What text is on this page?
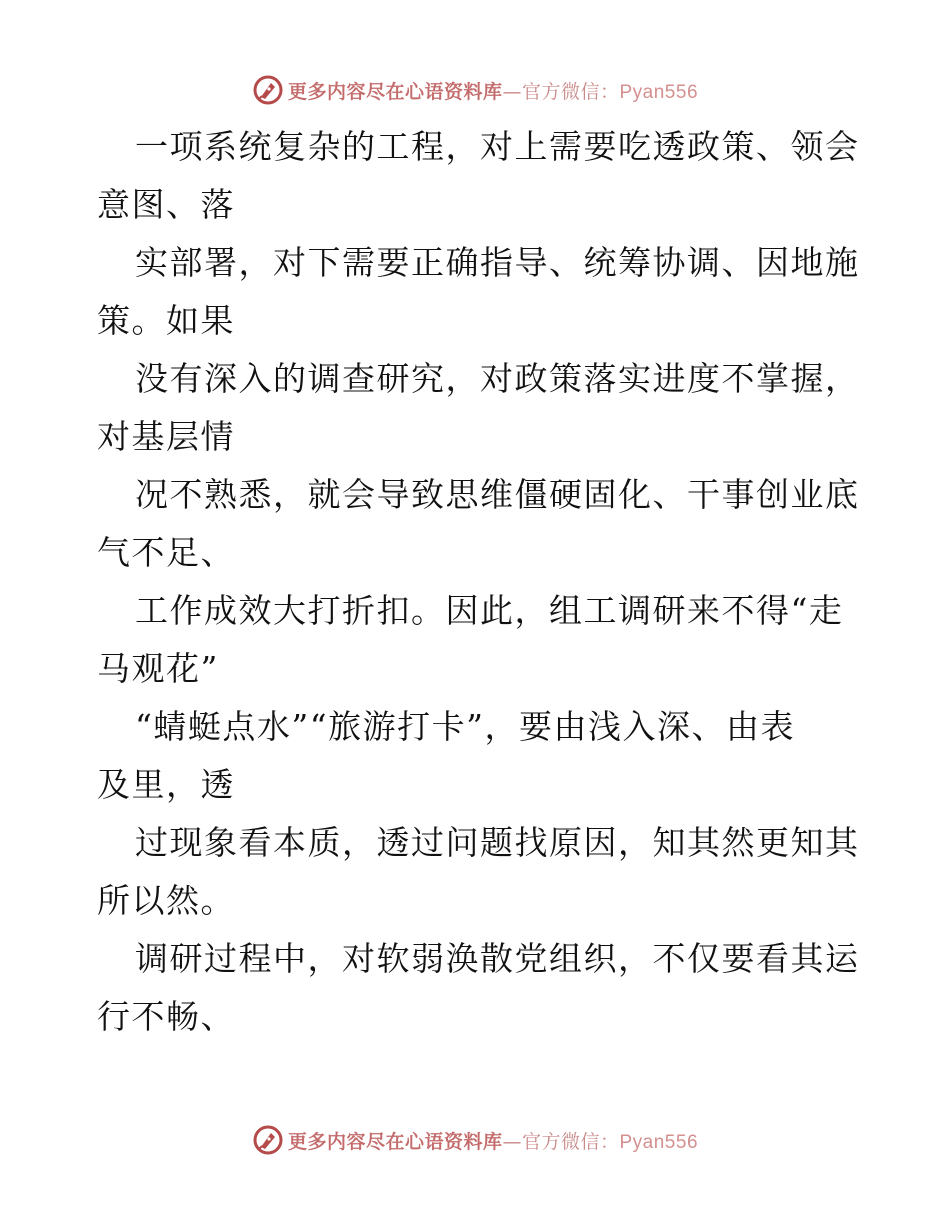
更多内容尽在心语资料库—官方微信：Pyan556
一项系统复杂的工程，对上需要吃透政策、领会
意图、落
实部署，对下需要正确指导、统筹协调、因地施
策。如果
没有深入的调查研究，对政策落实进度不掌握，
对基层情
况不熟悉，就会导致思维僵硬固化、干事创业底
气不足、
工作成效大打折扣。因此，组工调研来不得“走
马观花”
“蜻蜓点水”“旅游打卡”，要由浅入深、由表
及里，透
过现象看本质，透过问题找原因，知其然更知其
所以然。
调研过程中，对软弱涣散党组织，不仅要看其运
行不畅、
更多内容尽在心语资料库—官方微信：Pyan556
